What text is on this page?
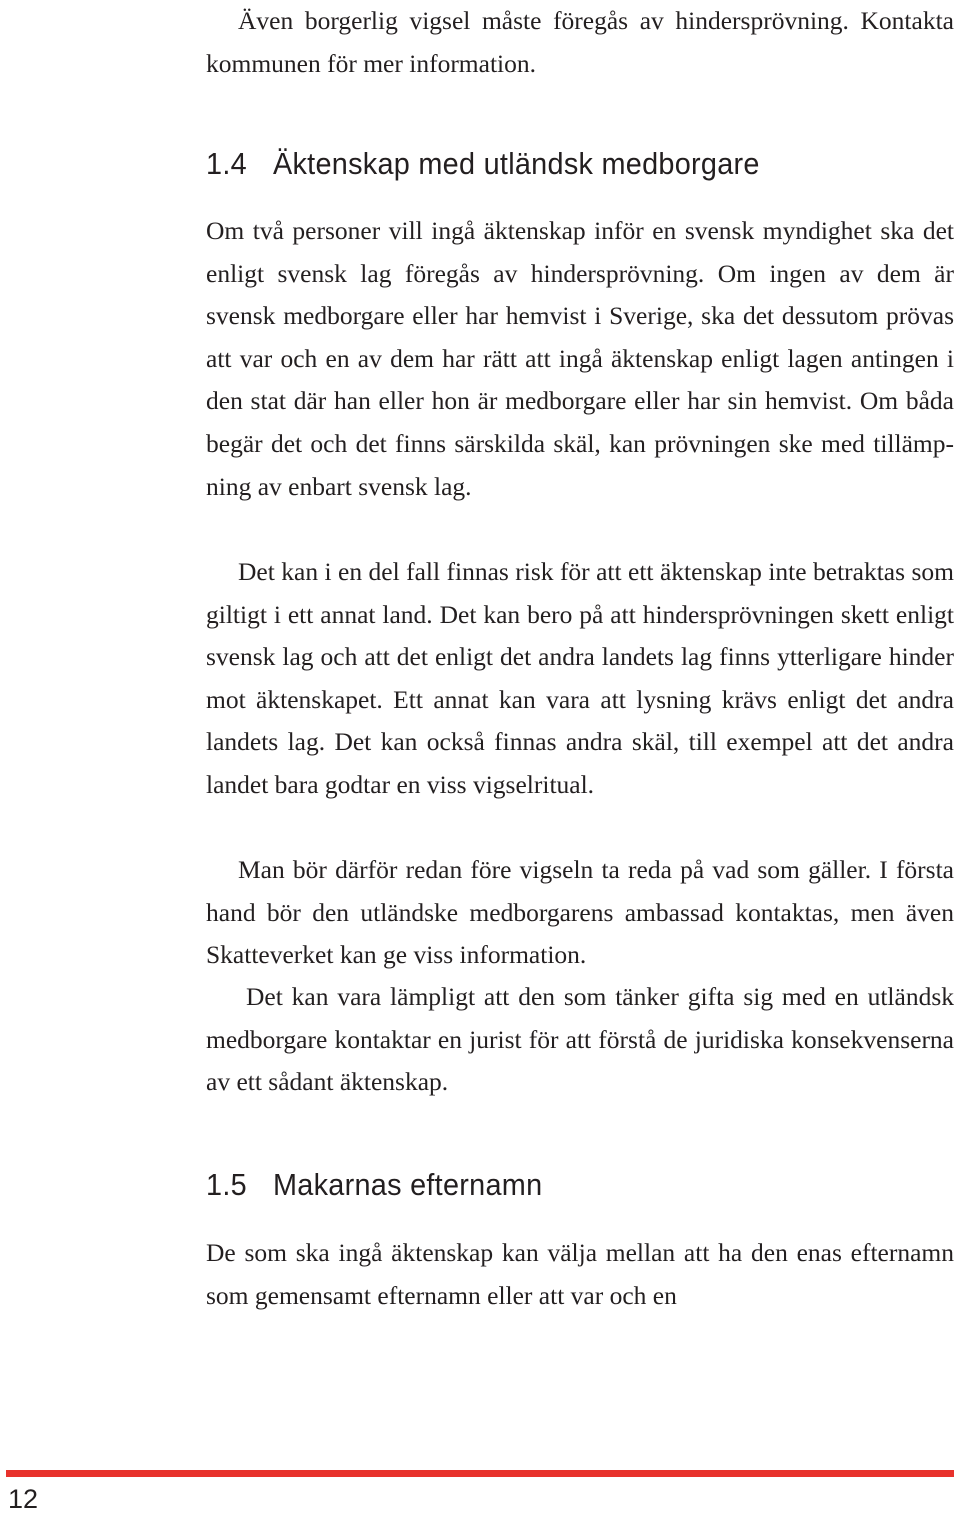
Även borgerlig vigsel måste föregås av hindersprövning. Kontakta kommunen för mer information.

1.4 Äktenskap med utländsk medborgare

Om två personer vill ingå äktenskap inför en svensk myndighet ska det enligt svensk lag föregås av hindersprövning. Om ingen av dem är svensk medborgare eller har hemvist i Sverige, ska det dessutom prövas att var och en av dem har rätt att ingå äktenskap enligt lagen antingen i den stat där han eller hon är medborgare eller har sin hemvist. Om båda begär det och det finns särskilda skäl, kan prövningen ske med tillämpning av enbart svensk lag.

Det kan i en del fall finnas risk för att ett äktenskap inte betraktas som giltigt i ett annat land. Det kan bero på att hindersprövningen skett enligt svensk lag och att det enligt det andra landets lag finns ytterligare hinder mot äktenskapet. Ett annat kan vara att lysning krävs enligt det andra landets lag. Det kan också finnas andra skäl, till exempel att det andra landet bara godtar en viss vigselritual.

Man bör därför redan före vigseln ta reda på vad som gäller. I första hand bör den utländske medborgarens ambassad kontaktas, men även Skatteverket kan ge viss information.

Det kan vara lämpligt att den som tänker gifta sig med en utländsk medborgare kontaktar en jurist för att förstå de juridiska konsekvenserna av ett sådant äktenskap.

1.5 Makarnas efternamn

De som ska ingå äktenskap kan välja mellan att ha den enas efternamn som gemensamt efternamn eller att var och en

12
